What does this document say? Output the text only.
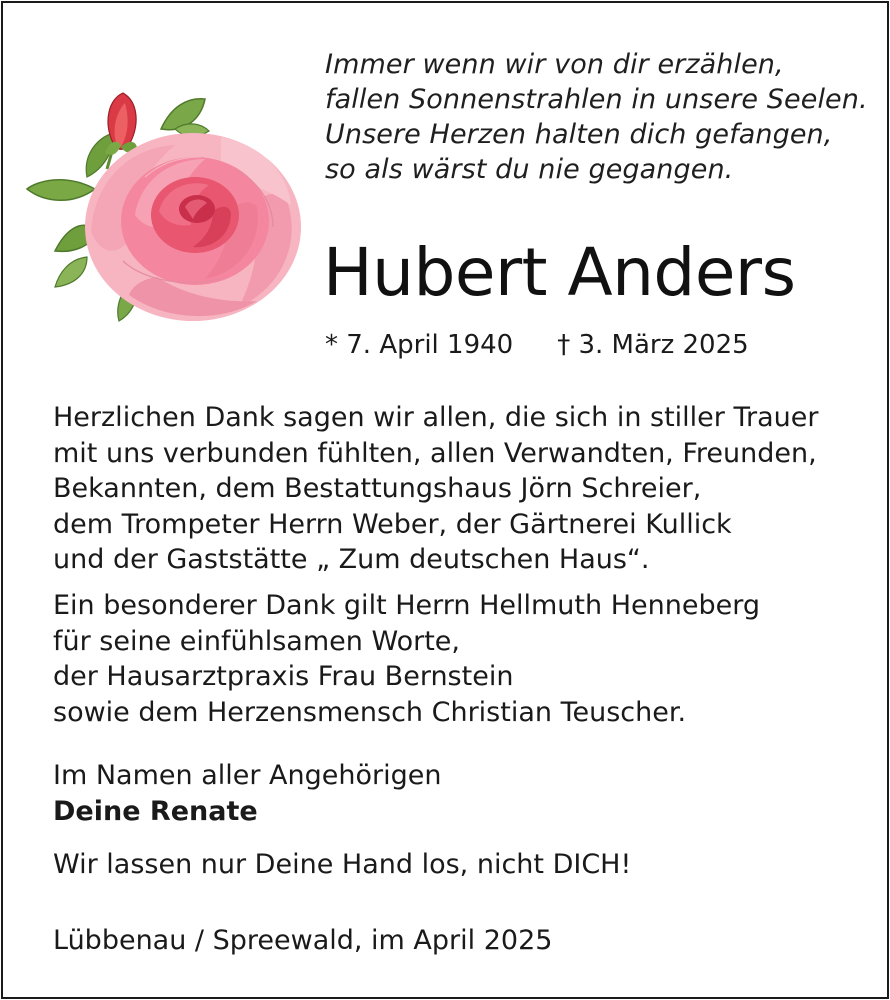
Immer wenn wir von dir erzählen,
fallen Sonnenstrahlen in unsere Seelen.
Unsere Herzen halten dich gefangen,
so als wärst du nie gegangen.
Hubert Anders
* 7. April 1940 † 3. März 2025
Herzlichen Dank sagen wir allen, die sich in stiller Trauer
mit uns verbunden fühlten, allen Verwandten, Freunden,
Bekannten, dem Bestattungshaus Jörn Schreier,
dem Trompeter Herrn Weber, der Gärtnerei Kullick
und der Gaststätte „ Zum deutschen Haus“.
Ein besonderer Dank gilt Herrn Hellmuth Henneberg
für seine einfühlsamen Worte,
der Hausarztpraxis Frau Bernstein
sowie dem Herzensmensch Christian Teuscher.
Im Namen aller Angehörigen
Deine Renate
Wir lassen nur Deine Hand los, nicht DICH!
Lübbenau / Spreewald, im April 2025
